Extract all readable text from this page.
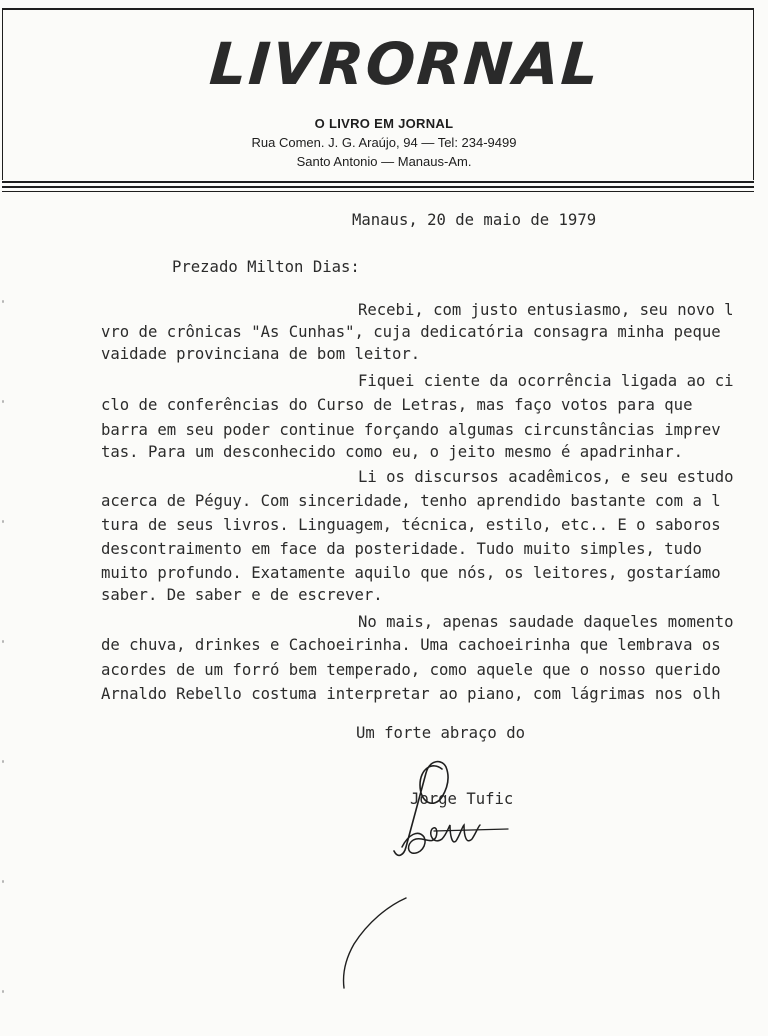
LIVRORNAL
O LIVRO EM JORNAL
Rua Comen. J. G. Araújo, 94 — Tel: 234-9499
Santo Antonio — Manaus-Am.
Manaus, 20 de maio de 1979
Prezado Milton Dias:
Recebi, com justo entusiasmo, seu novo l
vro de crônicas "As Cunhas", cuja dedicatória consagra minha peque
vaidade provinciana de bom leitor.
Fiquei ciente da ocorrência ligada ao ci
clo de conferências do Curso de Letras, mas faço votos para que
barra em seu poder continue forçando algumas circunstâncias imprev
tas. Para um desconhecido como eu, o jeito mesmo é apadrinhar.
Li os discursos acadêmicos, e seu estudo
acerca de Péguy. Com sinceridade, tenho aprendido bastante com a l
tura de seus livros. Linguagem, técnica, estilo, etc.. E o saboros
descontraimento em face da posteridade. Tudo muito simples, tudo
muito profundo. Exatamente aquilo que nós, os leitores, gostaríamo
saber. De saber e de escrever.
No mais, apenas saudade daqueles momento
de chuva, drinkes e Cachoeirinha. Uma cachoeirinha que lembrava os
acordes de um forró bem temperado, como aquele que o nosso querido
Arnaldo Rebello costuma interpretar ao piano, com lágrimas nos olh
Um forte abraço do
Jorge Tufic
